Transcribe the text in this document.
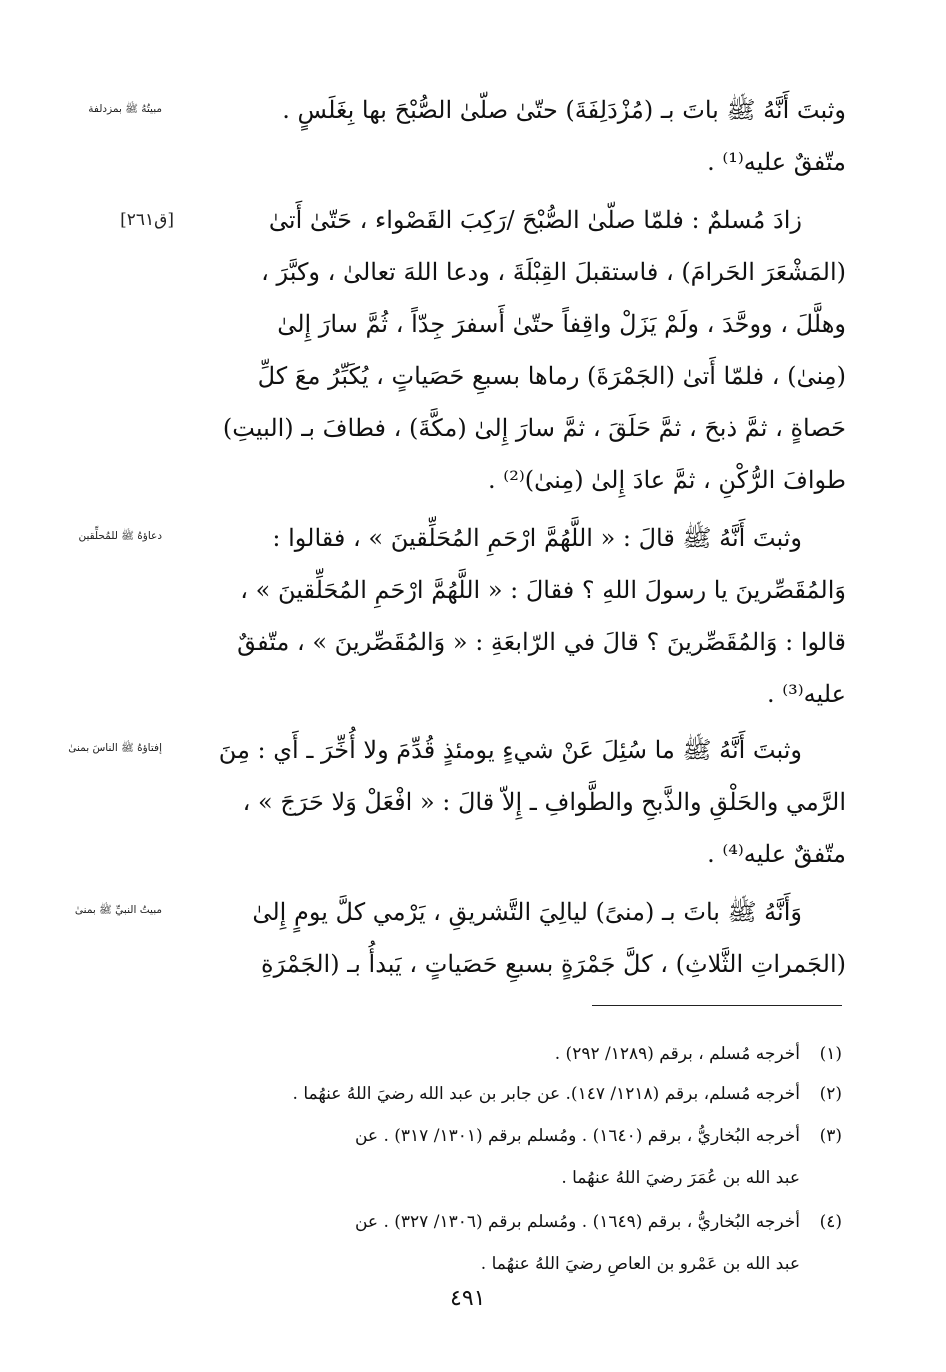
وثبتَ أَنَّهُ ﷺ باتَ بـ (مُزْدَلِفَةَ) حتّىٰ صلّىٰ الصُّبْحَ بها بِغَلَسٍ .
متّفقٌ عليه⁽¹⁾ .
مبيتُهُ ﷺ بمزدلفة
زادَ مُسلمٌ : فلمّا صلّىٰ الصُّبْحَ /رَكِبَ القَصْواء ، حَتّىٰ أَتىٰ
(المَشْعَرَ الحَرامَ) ، فاستقبلَ القِبْلَةَ ، ودعا اللهَ تعالىٰ ، وكبَّرَ ،
وهلَّلَ ، ووحَّدَ ، ولَمْ يَزَلْ واقِفاً حتّىٰ أَسفرَ جِدّاً ، ثُمَّ سارَ إِلىٰ
(مِنىٰ) ، فلمّا أَتىٰ (الجَمْرَةَ) رماها بسبعِ حَصَياتٍ ، يُكَبِّرُ معَ كلِّ
حَصاةٍ ، ثمَّ ذبحَ ، ثمَّ حَلَقَ ، ثمَّ سارَ إِلىٰ (مكَّةَ) ، فطافَ بـ (البيتِ)
طوافَ الرُّكْنِ ، ثمَّ عادَ إِلىٰ (مِنىٰ)⁽²⁾ .
[ق٢٦١]
وثبتَ أَنَّهُ ﷺ قالَ : « اللَّهُمَّ ارْحَمِ المُحَلِّقينَ » ، فقالوا :
وَالمُقَصِّرينَ يا رسولَ اللهِ ؟ فقالَ : « اللَّهُمَّ ارْحَمِ المُحَلِّقينَ » ،
قالوا : وَالمُقَصِّرينَ ؟ قالَ في الرّابعَةِ : « وَالمُقَصِّرينَ » ، متّفقٌ
عليه⁽³⁾ .
دعاؤهُ ﷺ للمُحلِّقين
وثبتَ أَنَّهُ ﷺ ما سُئِلَ عَنْ شيءٍ يومئذٍ قُدِّمَ ولا أُخِّرَ ـ أَي : مِنَ
الرَّمي والحَلْقِ والذَّبحِ والطَّوافِ ـ إِلاّ قالَ : « افْعَلْ وَلا حَرَجَ » ،
متّفقٌ عليه⁽⁴⁾ .
إفتاؤهُ ﷺ الناسَ بمنىٰ
وَأَنَّهُ ﷺ باتَ بـ (منىً) ليالِيَ التَّشريقِ ، يَرْمي كلَّ يومٍ إِلىٰ
(الجَمراتِ الثَّلاثِ) ، كلَّ جَمْرَةٍ بسبعِ حَصَياتٍ ، يَبدأُ بـ (الجَمْرَةِ
مبيتُ النبيِّ ﷺ بمنىٰ
(١)أخرجه مُسلم ، برقم (١٢٨٩/ ٢٩٢) .
(٢)أخرجه مُسلم، برقم (١٢١٨/ ١٤٧). عن جابر بن عبد الله رضيَ اللهُ عنهُما .
(٣)أخرجه البُخاريُّ ، برقم (١٦٤٠) . ومُسلم برقم (١٣٠١/ ٣١٧) . عن
عبد الله بن عُمَرَ رضيَ اللهُ عنهُما .
(٤)أخرجه البُخاريُّ ، برقم (١٦٤٩) . ومُسلم برقم (١٣٠٦/ ٣٢٧) . عن
عبد الله بن عَمْرو بن العاصِ رضيَ اللهُ عنهُما .
٤٩١
